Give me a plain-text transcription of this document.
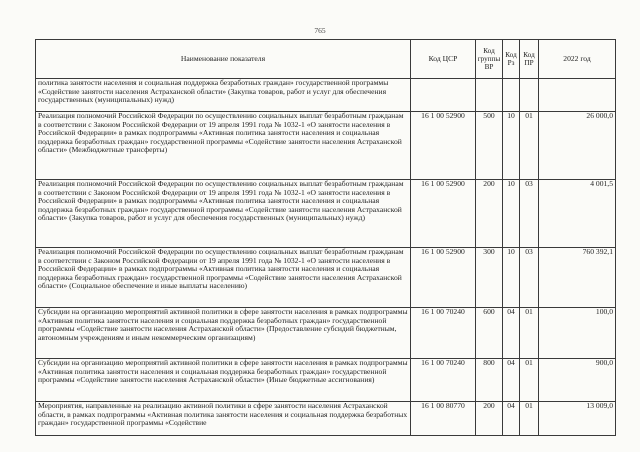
765
Наименование показателя	Код ЦСР	Код группы ВР	Код Рз	Код ПР	2022 год
политика занятости населения и социальная поддержка безработных граждан» государственной программы «Содействие занятости населения Астраханской области» (Закупка товаров, работ и услуг для обеспечения государственных (муниципальных) нужд)					
Реализация полномочий Российской Федерации по осуществлению социальных выплат безработным гражданам в соответствии с Законом Российской Федерации от 19 апреля 1991 года № 1032-1 «О занятости населения в Российской Федерации» в рамках подпрограммы «Активная политика занятости населения и социальная поддержка безработных граждан» государственной программы «Содействие занятости населения Астраханской области» (Межбюджетные трансферты)	16 1 00 52900	500	10	01	26 000,0
Реализация полномочий Российской Федерации по осуществлению социальных выплат безработным гражданам в соответствии с Законом Российской Федерации от 19 апреля 1991 года № 1032-1 «О занятости населения в Российской Федерации» в рамках подпрограммы «Активная политика занятости населения и социальная поддержка безработных граждан» государственной программы «Содействие занятости населения Астраханской области» (Закупка товаров, работ и услуг для обеспечения государственных (муниципальных) нужд)	16 1 00 52900	200	10	03	4 001,5
Реализация полномочий Российской Федерации по осуществлению социальных выплат безработным гражданам в соответствии с Законом Российской Федерации от 19 апреля 1991 года № 1032-1 «О занятости населения в Российской Федерации» в рамках подпрограммы «Активная политика занятости населения и социальная поддержка безработных граждан» государственной программы «Содействие занятости населения Астраханской области» (Социальное обеспечение и иные выплаты населению)	16 1 00 52900	300	10	03	760 392,1
Субсидии на организацию мероприятий активной политики в сфере занятости населения в рамках подпрограммы «Активная политика занятости населения и социальная поддержка безработных граждан» государственной программы «Содействие занятости населения Астраханской области» (Предоставление субсидий бюджетным, автономным учреждениям и иным некоммерческим организациям)	16 1 00 70240	600	04	01	100,0
Субсидии на организацию мероприятий активной политики в сфере занятости населения в рамках подпрограммы «Активная политика занятости населения и социальная поддержка безработных граждан» государственной программы «Содействие занятости населения Астраханской области» (Иные бюджетные ассигнования)	16 1 00 70240	800	04	01	900,0
Мероприятия, направленные на реализацию активной политики в сфере занятости населения Астраханской области, в рамках подпрограммы «Активная политика занятости населения и социальная поддержка безработных граждан» государственной программы «Содействие	16 1 00 80770	200	04	01	13 009,0
